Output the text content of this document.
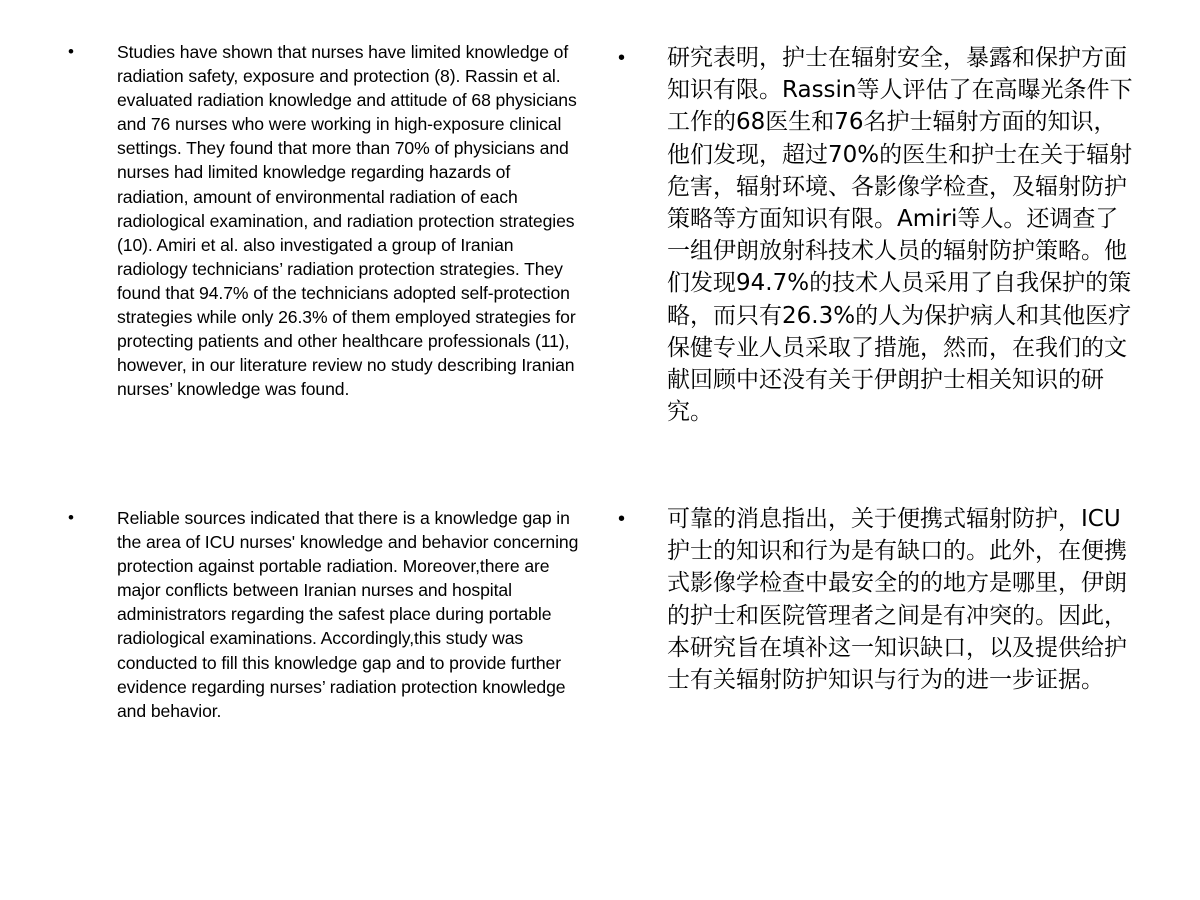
• Studies have shown that nurses have limited knowledge of radiation safety, exposure and protection (8). Rassin et al. evaluated radiation knowledge and attitude of 68 physicians and 76 nurses who were working in high-exposure clinical settings. They found that more than 70% of physicians and nurses had limited knowledge regarding hazards of radiation, amount of environmental radiation of each radiological examination, and radiation protection strategies (10). Amiri et al. also investigated a group of Iranian radiology technicians’ radiation protection strategies. They found that 94.7% of the technicians adopted self-protection strategies while only 26.3% of them employed strategies for protecting patients and other healthcare professionals (11), however, in our literature review no study describing Iranian nurses’ knowledge was found.
• Reliable sources indicated that there is a knowledge gap in the area of ICU nurses' knowledge and behavior concerning protection against portable radiation. Moreover,there are major conflicts between Iranian nurses and hospital administrators regarding the safest place during portable radiological examinations. Accordingly,this study was conducted to fill this knowledge gap and to provide further evidence regarding nurses’ radiation protection knowledge and behavior.
• 研究表明，护士在辐射安全，暴露和保护方面知识有限。Rassin等人评估了在高曝光条件下工作的68医生和76名护士辐射方面的知识，他们发现，超过70%的医生和护士在关于辐射危害，辐射环境、各影像学检查，及辐射防护策略等方面知识有限。Amiri等人。还调查了一组伊朗放射科技术人员的辐射防护策略。他们发现94.7%的技术人员采用了自我保护的策略，而只有26.3%的人为保护病人和其他医疗保健专业人员采取了措施，然而，在我们的文献回顾中还没有关于伊朗护士相关知识的研究。
• 可靠的消息指出，关于便携式辐射防护，ICU护士的知识和行为是有缺口的。此外，在便携式影像学检查中最安全的的地方是哪里，伊朗的护士和医院管理者之间是有冲突的。因此，本研究旨在填补这一知识缺口，以及提供给护士有关辐射防护知识与行为的进一步证据。
